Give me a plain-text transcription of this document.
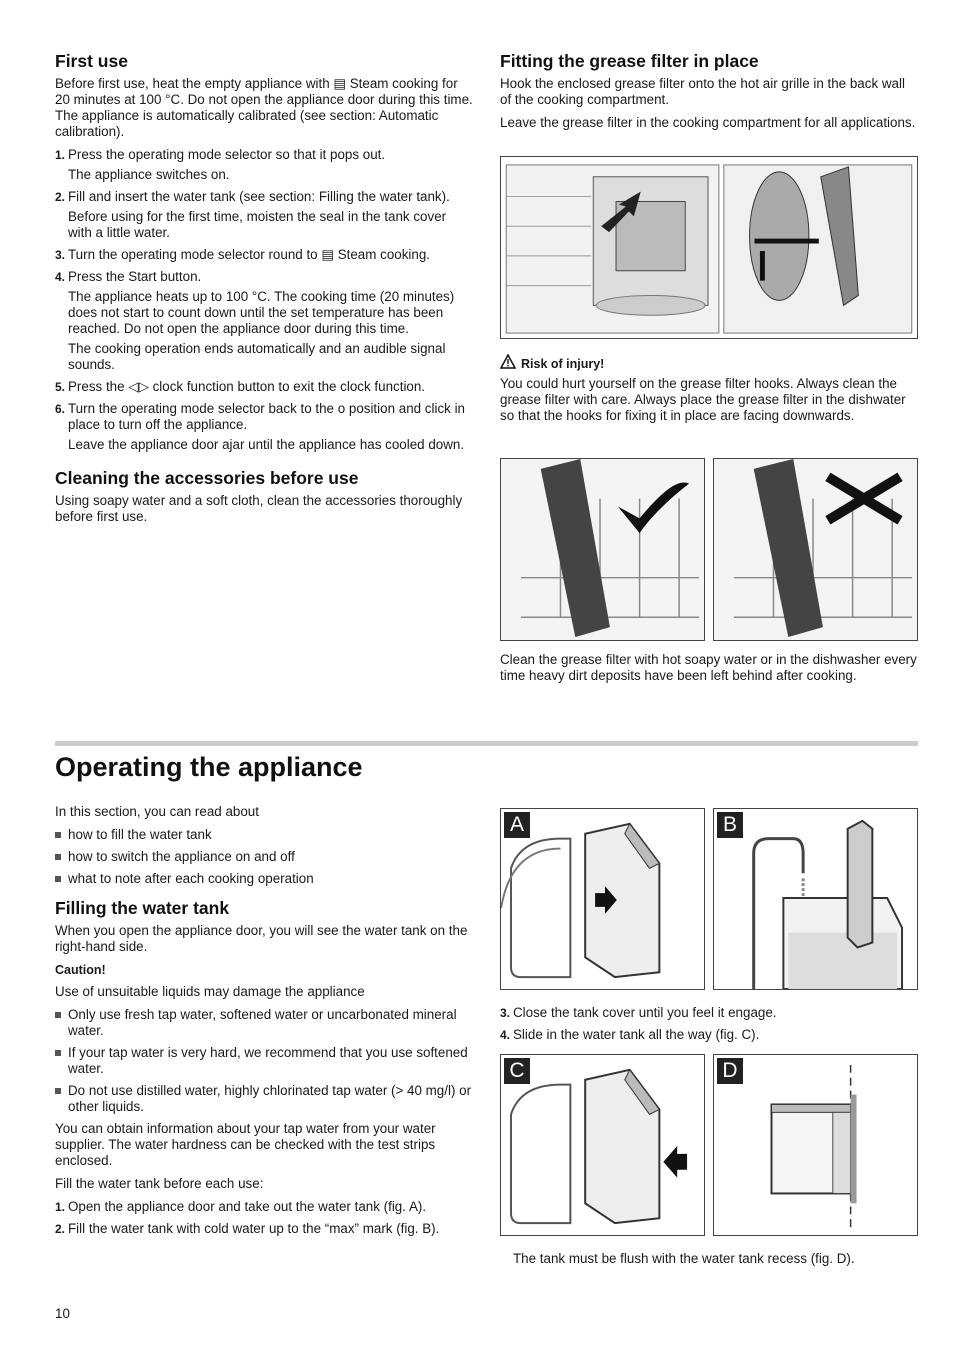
First use

Before first use, heat the empty appliance with ▤ Steam cooking for 20 minutes at 100 °C. Do not open the appliance door during this time. The appliance is automatically calibrated (see section: Automatic calibration).

1. Press the operating mode selector so that it pops out.
The appliance switches on.
2. Fill and insert the water tank (see section: Filling the water tank).
Before using for the first time, moisten the seal in the tank cover with a little water.
3. Turn the operating mode selector round to ▤ Steam cooking.
4. Press the Start button.
The appliance heats up to 100 °C. The cooking time (20 minutes) does not start to count down until the set temperature has been reached. Do not open the appliance door during this time.
The cooking operation ends automatically and an audible signal sounds.
5. Press the ◁▷ clock function button to exit the clock function.
6. Turn the operating mode selector back to the o position and click in place to turn off the appliance.
Leave the appliance door ajar until the appliance has cooled down.
Cleaning the accessories before use

Using soapy water and a soft cloth, clean the accessories thoroughly before first use.

Fitting the grease filter in place

Hook the enclosed grease filter onto the hot air grille in the back wall of the cooking compartment.

Leave the grease filter in the cooking compartment for all applications.

Risk of injury!

You could hurt yourself on the grease filter hooks. Always clean the grease filter with care. Always place the grease filter in the dishwater so that the hooks for fixing it in place are facing downwards.

Clean the grease filter with hot soapy water or in the dishwasher every time heavy dirt deposits have been left behind after cooking.

Operating the appliance

In this section, you can read about

how to fill the water tank
how to switch the appliance on and off
what to note after each cooking operation
Filling the water tank

When you open the appliance door, you will see the water tank on the right-hand side.

Caution!

Use of unsuitable liquids may damage the appliance

Only use fresh tap water, softened water or uncarbonated mineral water.
If your tap water is very hard, we recommend that you use softened water.
Do not use distilled water, highly chlorinated tap water (> 40 mg/l) or other liquids.

You can obtain information about your tap water from your water supplier. The water hardness can be checked with the test strips enclosed.

Fill the water tank before each use:

1. Open the appliance door and take out the water tank (fig. A).
2. Fill the water tank with cold water up to the “max” mark (fig. B).
A	B
3. Close the tank cover until you feel it engage.
4. Slide in the water tank all the way (fig. C).
C	D

The tank must be flush with the water tank recess (fig. D).

10
